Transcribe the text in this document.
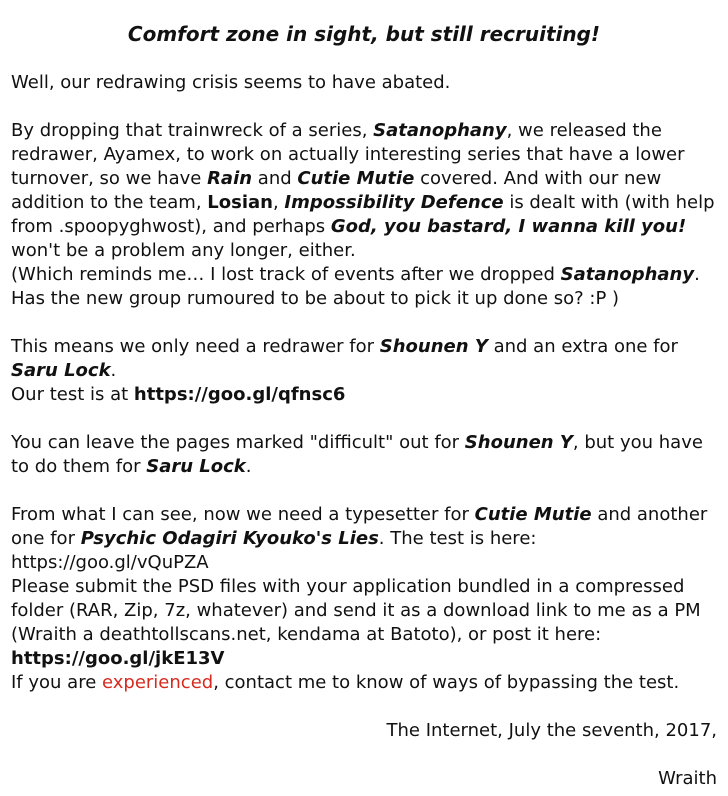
Comfort zone in sight, but still recruiting!

Well, our redrawing crisis seems to have abated.

By dropping that trainwreck of a series, Satanophany, we released the redrawer, Ayamex, to work on actually interesting series that have a lower turnover, so we have Rain and Cutie Mutie covered. And with our new addition to the team, Losian, Impossibility Defence is dealt with (with help from .spoopyghwost), and perhaps God, you bastard, I wanna kill you! won't be a problem any longer, either.

(Which reminds me… I lost track of events after we dropped Satanophany. Has the new group rumoured to be about to pick it up done so? :P )

This means we only need a redrawer for Shounen Y and an extra one for Saru Lock.

Our test is at https://goo.gl/qfnsc6

You can leave the pages marked "difficult" out for Shounen Y, but you have to do them for Saru Lock.

From what I can see, now we need a typesetter for Cutie Mutie and another one for Psychic Odagiri Kyouko's Lies. The test is here: https://goo.gl/vQuPZA

Please submit the PSD files with your application bundled in a compressed folder (RAR, Zip, 7z, whatever) and send it as a download link to me as a PM (Wraith a deathtollscans.net, kendama at Batoto), or post it here: https://goo.gl/jkE13V

If you are experienced, contact me to know of ways of bypassing the test.

The Internet, July the seventh, 2017,
Wraith
